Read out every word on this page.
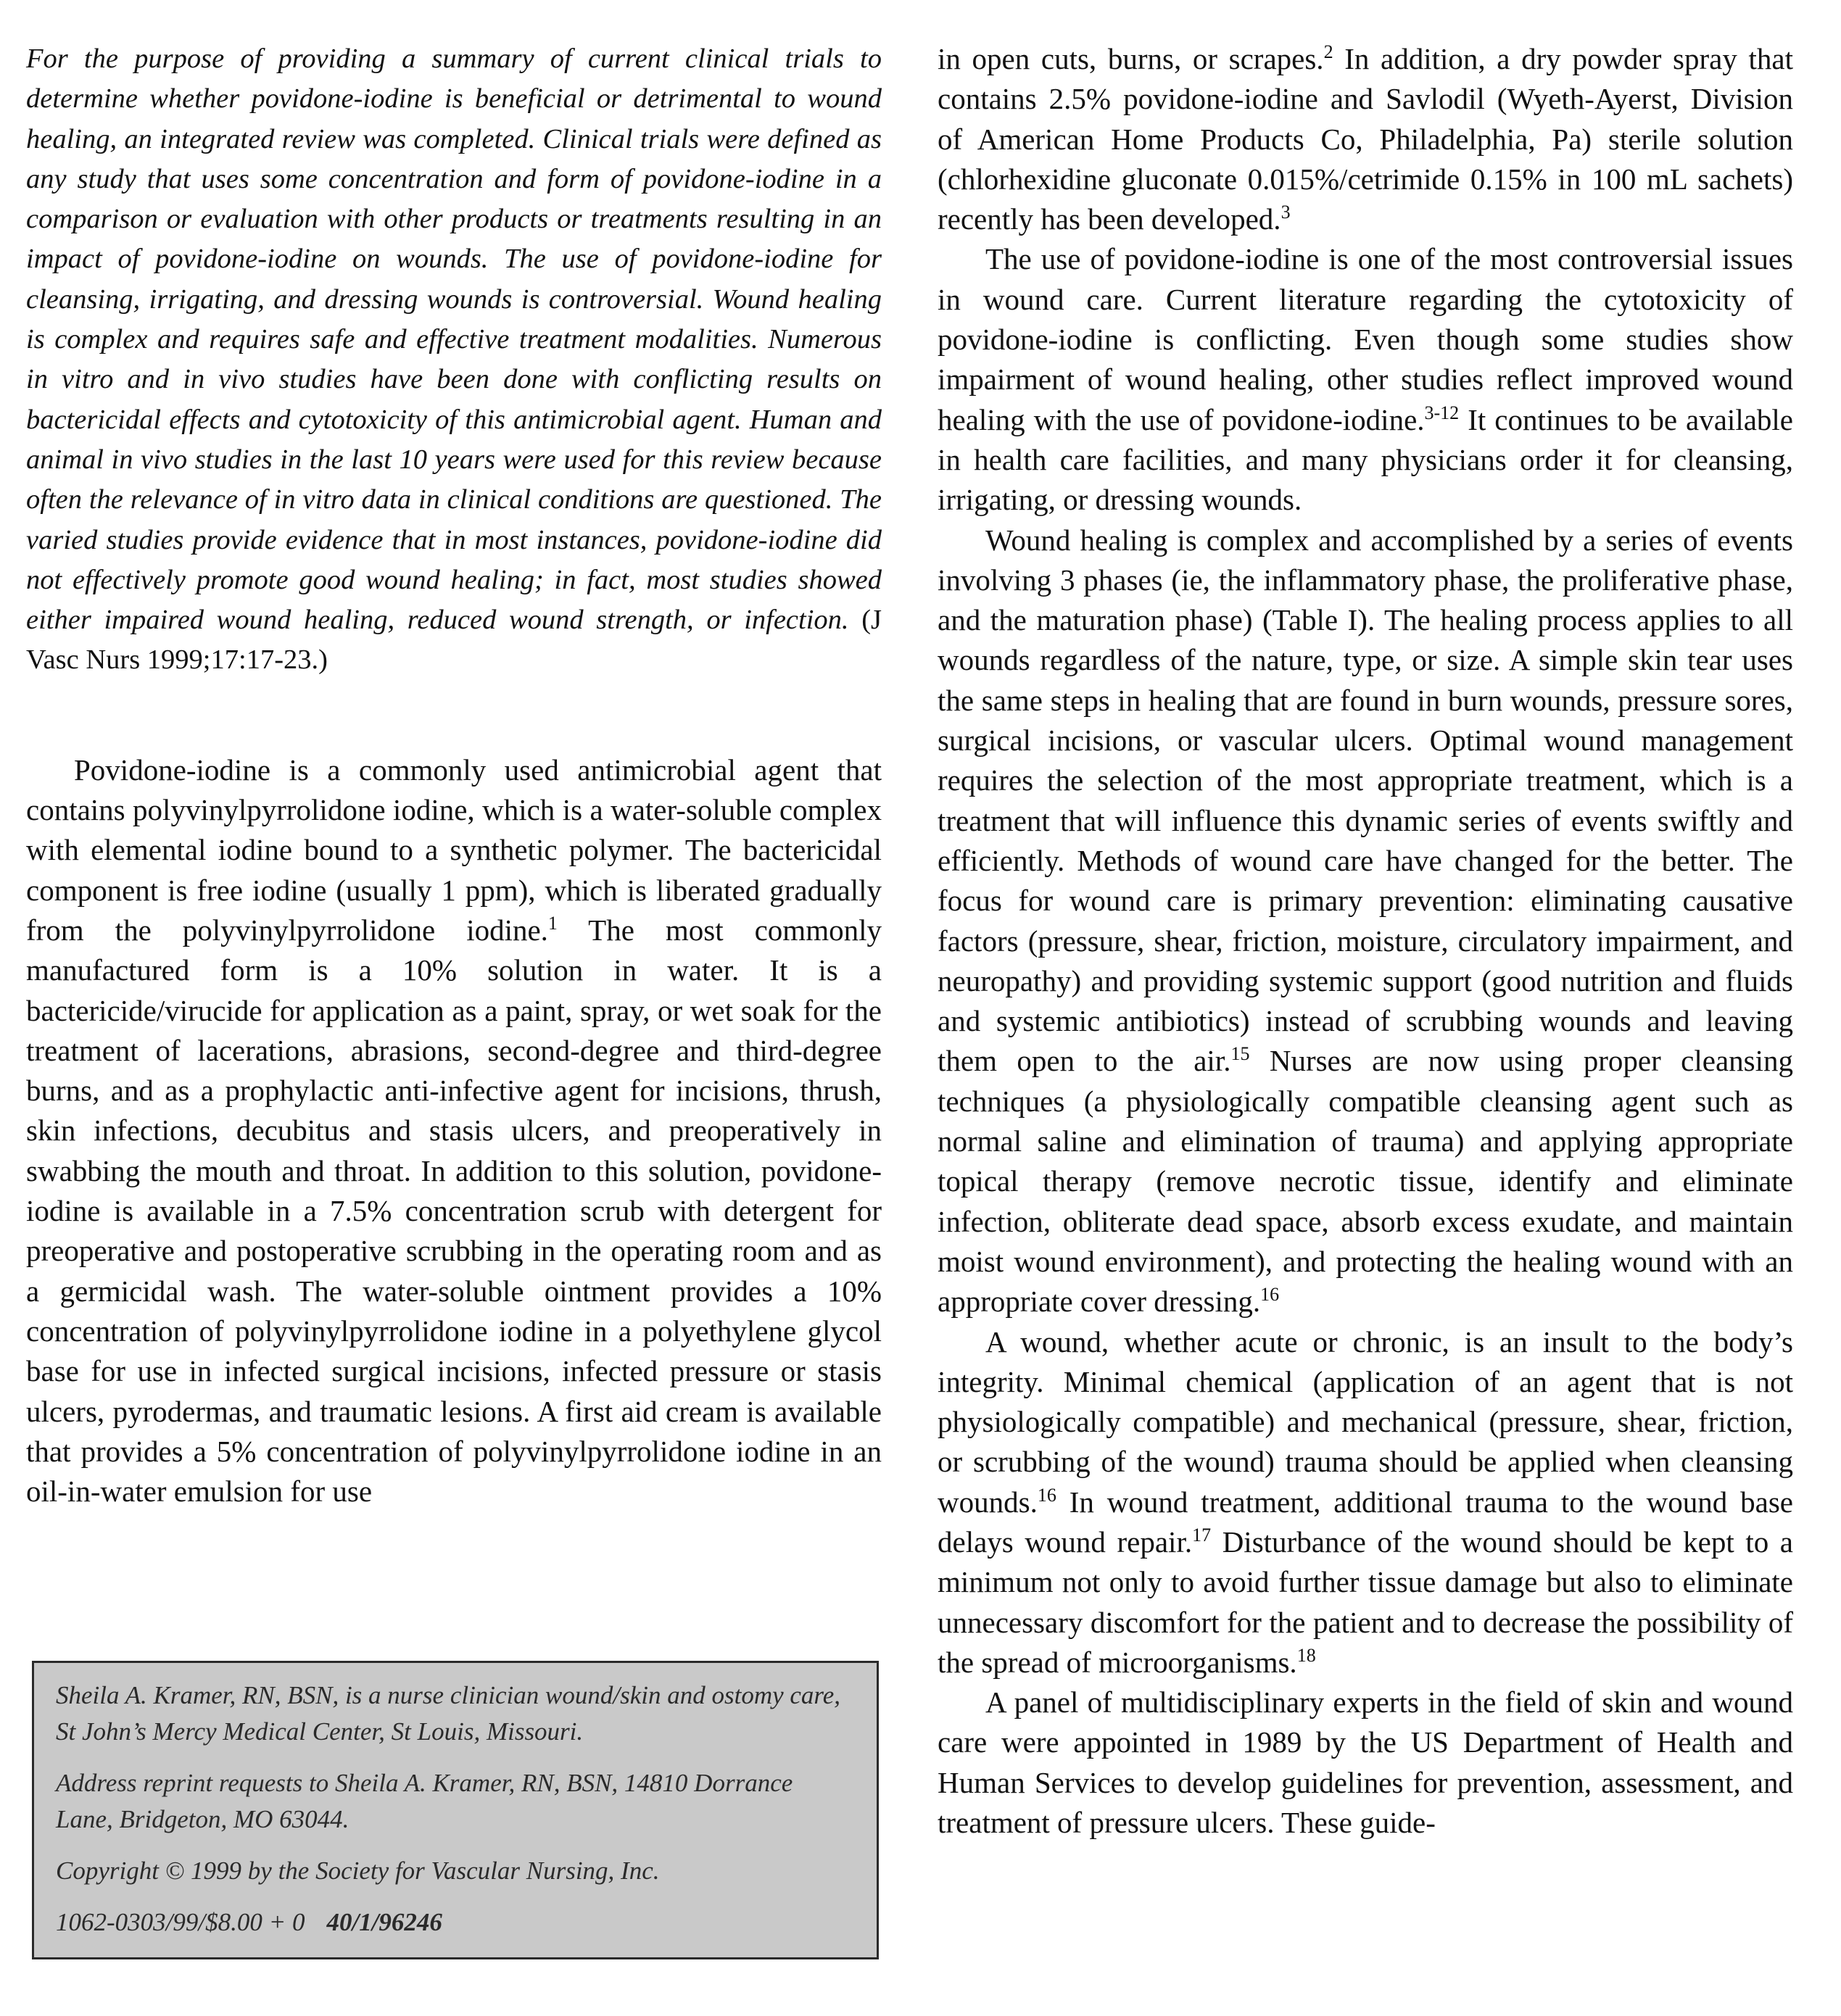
For the purpose of providing a summary of current clinical trials to determine whether povidone-iodine is beneficial or detrimental to wound healing, an integrated review was completed. Clinical trials were defined as any study that uses some concentration and form of povidone-iodine in a comparison or evaluation with other products or treatments resulting in an impact of povidone-iodine on wounds. The use of povidone-iodine for cleansing, irrigating, and dressing wounds is controversial. Wound healing is complex and requires safe and effective treatment modalities. Numerous in vitro and in vivo studies have been done with conflicting results on bactericidal effects and cytotoxicity of this antimicrobial agent. Human and animal in vivo studies in the last 10 years were used for this review because often the relevance of in vitro data in clinical conditions are questioned. The varied studies provide evidence that in most instances, povidone-iodine did not effectively promote good wound healing; in fact, most studies showed either impaired wound healing, reduced wound strength, or infection. (J Vasc Nurs 1999;17:17-23.)

Povidone-iodine is a commonly used antimicrobial agent that contains polyvinylpyrrolidone iodine, which is a water-soluble complex with elemental iodine bound to a synthetic polymer. The bactericidal component is free iodine (usually 1 ppm), which is liberated gradually from the polyvinylpyrrolidone iodine.$^1$ The most commonly manufactured form is a 10% solution in water. It is a bactericide/virucide for application as a paint, spray, or wet soak for the treatment of lacerations, abrasions, second-degree and third-degree burns, and as a prophylactic anti-infective agent for incisions, thrush, skin infections, decubitus and stasis ulcers, and preoperatively in swabbing the mouth and throat. In addition to this solution, povidone-iodine is available in a 7.5% concentration scrub with detergent for preoperative and postoperative scrubbing in the operating room and as a germicidal wash. The water-soluble ointment provides a 10% concentration of polyvinylpyrrolidone iodine in a polyethylene glycol base for use in infected surgical incisions, infected pressure or stasis ulcers, pyrodermas, and traumatic lesions. A first aid cream is available that provides a 5% concentration of polyvinylpyrrolidone iodine in an oil-in-water emulsion for use

Sheila A. Kramer, RN, BSN, is a nurse clinician wound/skin and ostomy care, St John’s Mercy Medical Center, St Louis, Missouri.

Address reprint requests to Sheila A. Kramer, RN, BSN, 14810 Dorrance Lane, Bridgeton, MO 63044.

Copyright © 1999 by the Society for Vascular Nursing, Inc.

1062-0303/99/$8.00 + 0 40/1/96246

in open cuts, burns, or scrapes.$^2$ In addition, a dry powder spray that contains 2.5% povidone-iodine and Savlodil (Wyeth-Ayerst, Division of American Home Products Co, Philadelphia, Pa) sterile solution (chlorhexidine gluconate 0.015%/cetrimide 0.15% in 100 mL sachets) recently has been developed.$^3$

The use of povidone-iodine is one of the most controversial issues in wound care. Current literature regarding the cytotoxicity of povidone-iodine is conflicting. Even though some studies show impairment of wound healing, other studies reflect improved wound healing with the use of povidone-iodine.$^{3-12}$ It continues to be available in health care facilities, and many physicians order it for cleansing, irrigating, or dressing wounds.

Wound healing is complex and accomplished by a series of events involving 3 phases (ie, the inflammatory phase, the proliferative phase, and the maturation phase) (Table I). The healing process applies to all wounds regardless of the nature, type, or size. A simple skin tear uses the same steps in healing that are found in burn wounds, pressure sores, surgical incisions, or vascular ulcers. Optimal wound management requires the selection of the most appropriate treatment, which is a treatment that will influence this dynamic series of events swiftly and efficiently. Methods of wound care have changed for the better. The focus for wound care is primary prevention: eliminating causative factors (pressure, shear, friction, moisture, circulatory impairment, and neuropathy) and providing systemic support (good nutrition and fluids and systemic antibiotics) instead of scrubbing wounds and leaving them open to the air.$^{15}$ Nurses are now using proper cleansing techniques (a physiologically compatible cleansing agent such as normal saline and elimination of trauma) and applying appropriate topical therapy (remove necrotic tissue, identify and eliminate infection, obliterate dead space, absorb excess exudate, and maintain moist wound environment), and protecting the healing wound with an appropriate cover dressing.$^{16}$

A wound, whether acute or chronic, is an insult to the body’s integrity. Minimal chemical (application of an agent that is not physiologically compatible) and mechanical (pressure, shear, friction, or scrubbing of the wound) trauma should be applied when cleansing wounds.$^{16}$ In wound treatment, additional trauma to the wound base delays wound repair.$^{17}$ Disturbance of the wound should be kept to a minimum not only to avoid further tissue damage but also to eliminate unnecessary discomfort for the patient and to decrease the possibility of the spread of microorganisms.$^{18}$

A panel of multidisciplinary experts in the field of skin and wound care were appointed in 1989 by the US Department of Health and Human Services to develop guidelines for prevention, assessment, and treatment of pressure ulcers. These guide-
